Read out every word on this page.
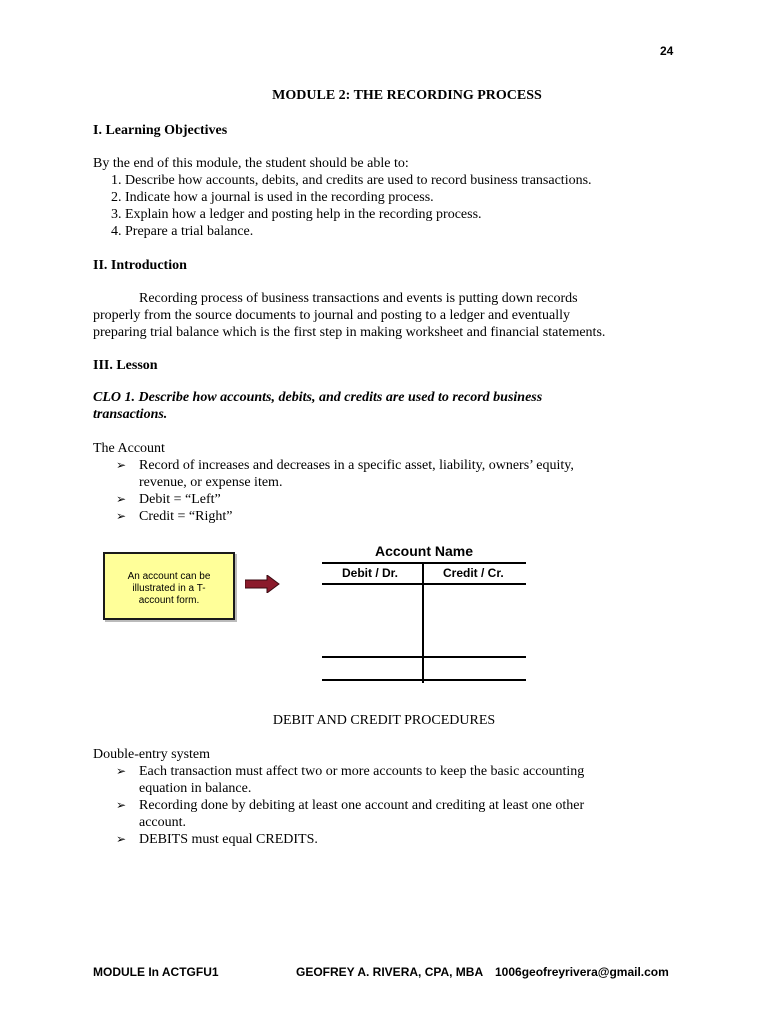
24
MODULE 2: THE RECORDING PROCESS
I. Learning Objectives
By the end of this module, the student should be able to:
1. Describe how accounts, debits, and credits are used to record business transactions.
2. Indicate how a journal is used in the recording process.
3. Explain how a ledger and posting help in the recording process.
4. Prepare a trial balance.
II. Introduction
Recording process of business transactions and events is putting down records
properly from the source documents to journal and posting to a ledger and eventually
preparing trial balance which is the first step in making worksheet and financial statements.
III. Lesson
CLO 1. Describe how accounts, debits, and credits are used to record business
transactions.
The Account
➢ Record of increases and decreases in a specific asset, liability, owners’ equity,
revenue, or expense item.
➢ Debit = “Left”
➢ Credit = “Right”
An account can be
illustrated in a T-
account form.
Account Name
Debit / Dr.	Credit / Cr.
DEBIT AND CREDIT PROCEDURES
Double-entry system
➢ Each transaction must affect two or more accounts to keep the basic accounting
equation in balance.
➢ Recording done by debiting at least one account and crediting at least one other
account.
➢ DEBITS must equal CREDITS.
MODULE In ACTGFU1	GEOFREY A. RIVERA, CPA, MBA 1006geofreyrivera@gmail.com
